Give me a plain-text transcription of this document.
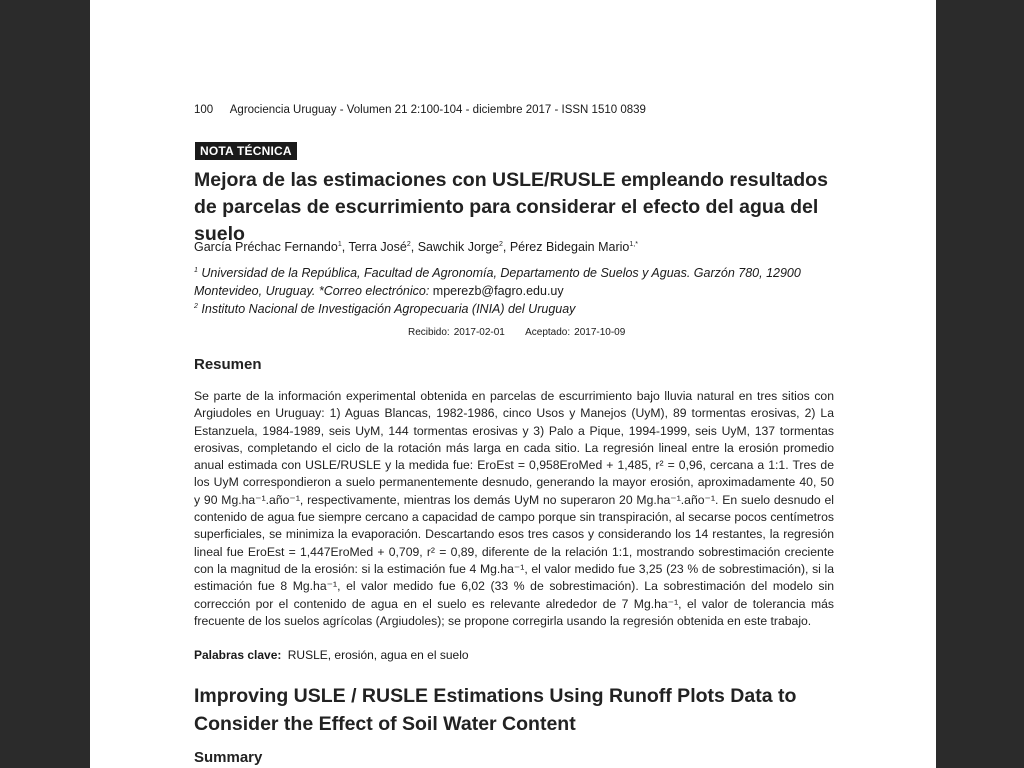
100 Agrociencia Uruguay - Volumen 21 2:100-104 - diciembre 2017 - ISSN 1510 0839
NOTA TÉCNICA
Mejora de las estimaciones con USLE/RUSLE empleando resultados de parcelas de escurrimiento para considerar el efecto del agua del suelo
García Préchac Fernando$^1$, Terra José$^2$, Sawchik Jorge$^2$, Pérez Bidegain Mario$^{1,*}$
$^1$ Universidad de la República, Facultad de Agronomía, Departamento de Suelos y Aguas. Garzón 780, 12900 Montevideo, Uruguay. *Correo electrónico: mperezb@fagro.edu.uy
$^2$ Instituto Nacional de Investigación Agropecuaria (INIA) del Uruguay
Recibido: 2017-02-01 Aceptado: 2017-10-09
Resumen

Se parte de la información experimental obtenida en parcelas de escurrimiento bajo lluvia natural en tres sitios con Argiudoles en Uruguay: 1) Aguas Blancas, 1982-1986, cinco Usos y Manejos (UyM), 89 tormentas erosivas, 2) La Estanzuela, 1984-1989, seis UyM, 144 tormentas erosivas y 3) Palo a Pique, 1994-1999, seis UyM, 137 tormentas erosivas, completando el ciclo de la rotación más larga en cada sitio. La regresión lineal entre la erosión promedio anual estimada con USLE/RUSLE y la medida fue: EroEst = 0,958EroMed + 1,485, r² = 0,96, cercana a 1:1. Tres de los UyM correspondieron a suelo permanentemente desnudo, generando la mayor erosión, aproximadamente 40, 50 y 90 Mg.ha⁻¹.año⁻¹, respectivamente, mientras los demás UyM no superaron 20 Mg.ha⁻¹.año⁻¹. En suelo desnudo el contenido de agua fue siempre cercano a capacidad de campo porque sin transpiración, al secarse pocos centímetros superficiales, se minimiza la evaporación. Descartando esos tres casos y considerando los 14 restantes, la regresión lineal fue EroEst = 1,447EroMed + 0,709, r² = 0,89, diferente de la relación 1:1, mostrando sobrestimación creciente con la magnitud de la erosión: si la estimación fue 4 Mg.ha⁻¹, el valor medido fue 3,25 (23 % de sobrestimación), si la estimación fue 8 Mg.ha⁻¹, el valor medido fue 6,02 (33 % de sobrestimación). La sobrestimación del modelo sin corrección por el contenido de agua en el suelo es relevante alrededor de 7 Mg.ha⁻¹, el valor de tolerancia más frecuente de los suelos agrícolas (Argiudoles); se propone corregirla usando la regresión obtenida en este trabajo.

Palabras clave: RUSLE, erosión, agua en el suelo
Improving USLE / RUSLE Estimations Using Runoff Plots Data to Consider the Effect of Soil Water Content
Summary
